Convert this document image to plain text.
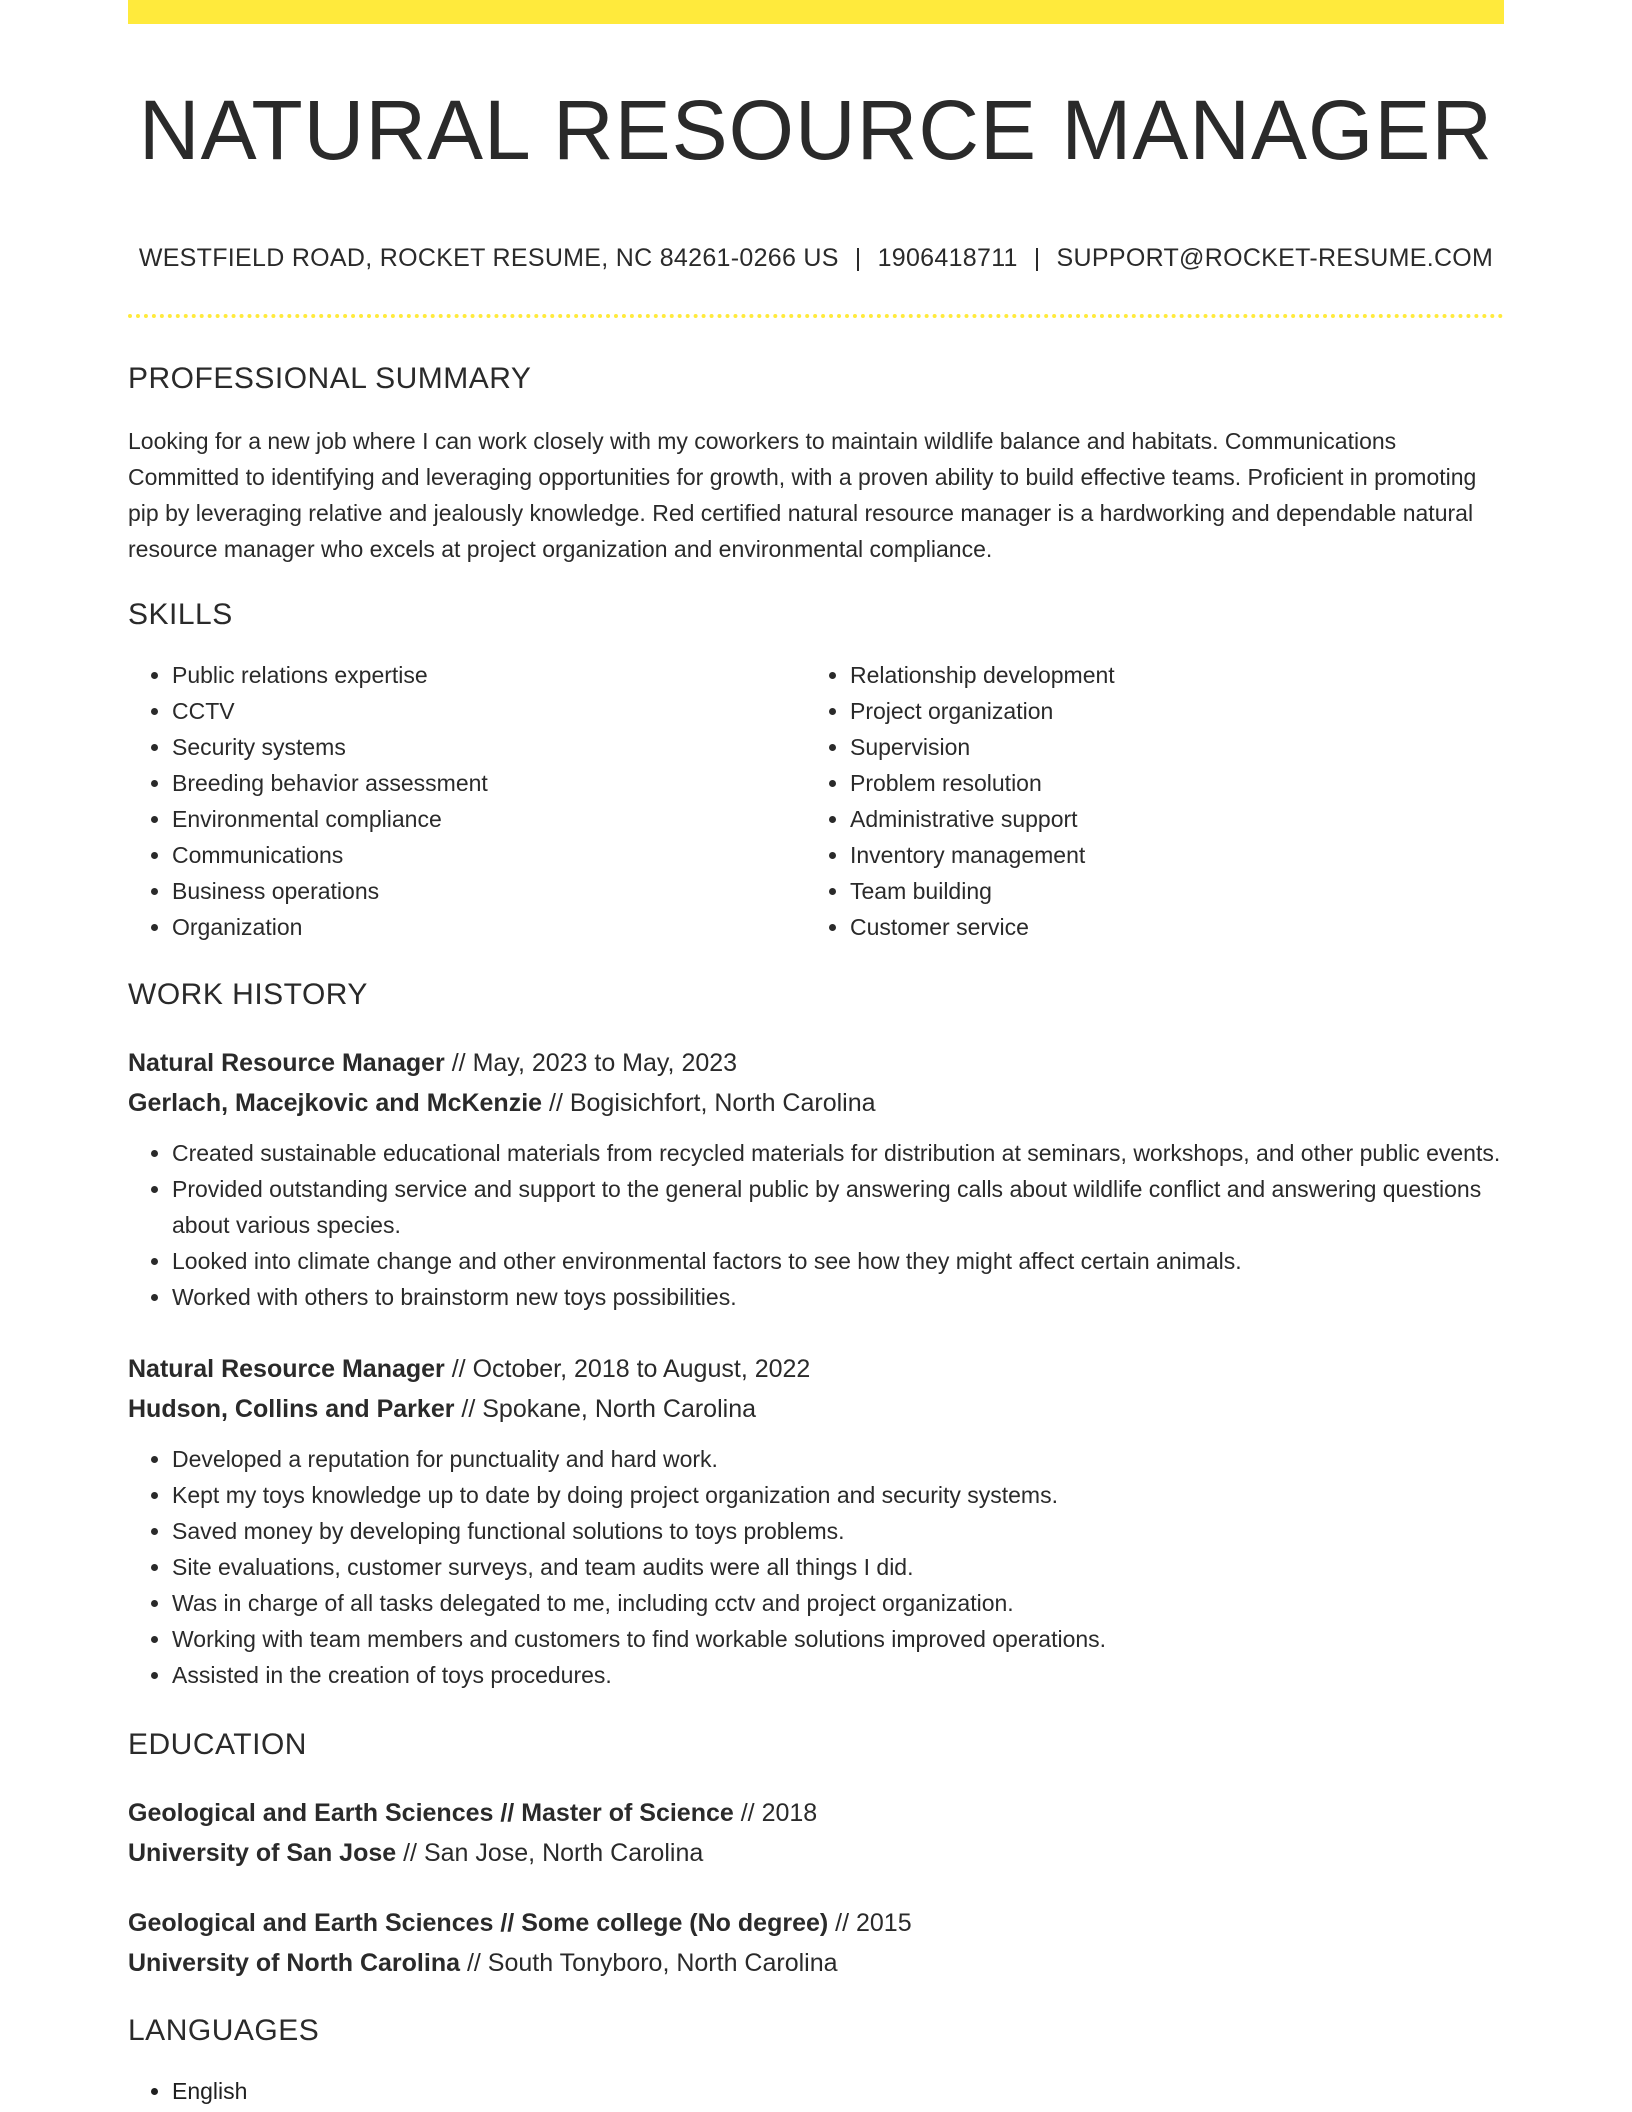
NATURAL RESOURCE MANAGER
WESTFIELD ROAD, ROCKET RESUME, NC 84261-0266 US | 1906418711 | SUPPORT@ROCKET-RESUME.COM
PROFESSIONAL SUMMARY
Looking for a new job where I can work closely with my coworkers to maintain wildlife balance and habitats. Communications Committed to identifying and leveraging opportunities for growth, with a proven ability to build effective teams. Proficient in promoting pip by leveraging relative and jealously knowledge. Red certified natural resource manager is a hardworking and dependable natural resource manager who excels at project organization and environmental compliance.
SKILLS
• Public relations expertise
• CCTV
• Security systems
• Breeding behavior assessment
• Environmental compliance
• Communications
• Business operations
• Organization
• Relationship development
• Project organization
• Supervision
• Problem resolution
• Administrative support
• Inventory management
• Team building
• Customer service
WORK HISTORY
Natural Resource Manager // May, 2023 to May, 2023
Gerlach, Macejkovic and McKenzie // Bogisichfort, North Carolina
• Created sustainable educational materials from recycled materials for distribution at seminars, workshops, and other public events.
• Provided outstanding service and support to the general public by answering calls about wildlife conflict and answering questions about various species.
• Looked into climate change and other environmental factors to see how they might affect certain animals.
• Worked with others to brainstorm new toys possibilities.
Natural Resource Manager // October, 2018 to August, 2022
Hudson, Collins and Parker // Spokane, North Carolina
• Developed a reputation for punctuality and hard work.
• Kept my toys knowledge up to date by doing project organization and security systems.
• Saved money by developing functional solutions to toys problems.
• Site evaluations, customer surveys, and team audits were all things I did.
• Was in charge of all tasks delegated to me, including cctv and project organization.
• Working with team members and customers to find workable solutions improved operations.
• Assisted in the creation of toys procedures.
EDUCATION
Geological and Earth Sciences // Master of Science // 2018
University of San Jose // San Jose, North Carolina
Geological and Earth Sciences // Some college (No degree) // 2015
University of North Carolina // South Tonyboro, North Carolina
LANGUAGES
• English
